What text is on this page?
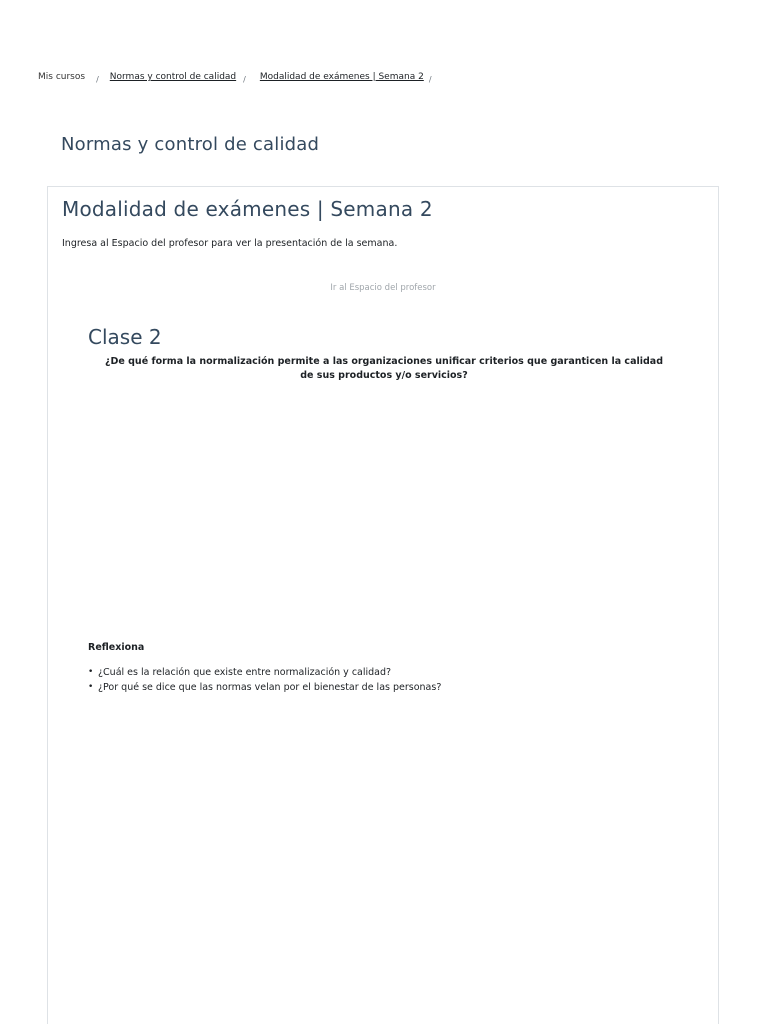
Mis cursos / Normas y control de calidad / Modalidad de exámenes | Semana 2 /
Normas y control de calidad
Modalidad de exámenes | Semana 2

Ingresa al Espacio del profesor para ver la presentación de la semana.

Ir al Espacio del profesor
Clase 2

¿De qué forma la normalización permite a las organizaciones unificar criterios que garanticen la calidad de sus productos y/o servicios?

Reflexiona

• ¿Cuál es la relación que existe entre normalización y calidad?
• ¿Por qué se dice que las normas velan por el bienestar de las personas?
